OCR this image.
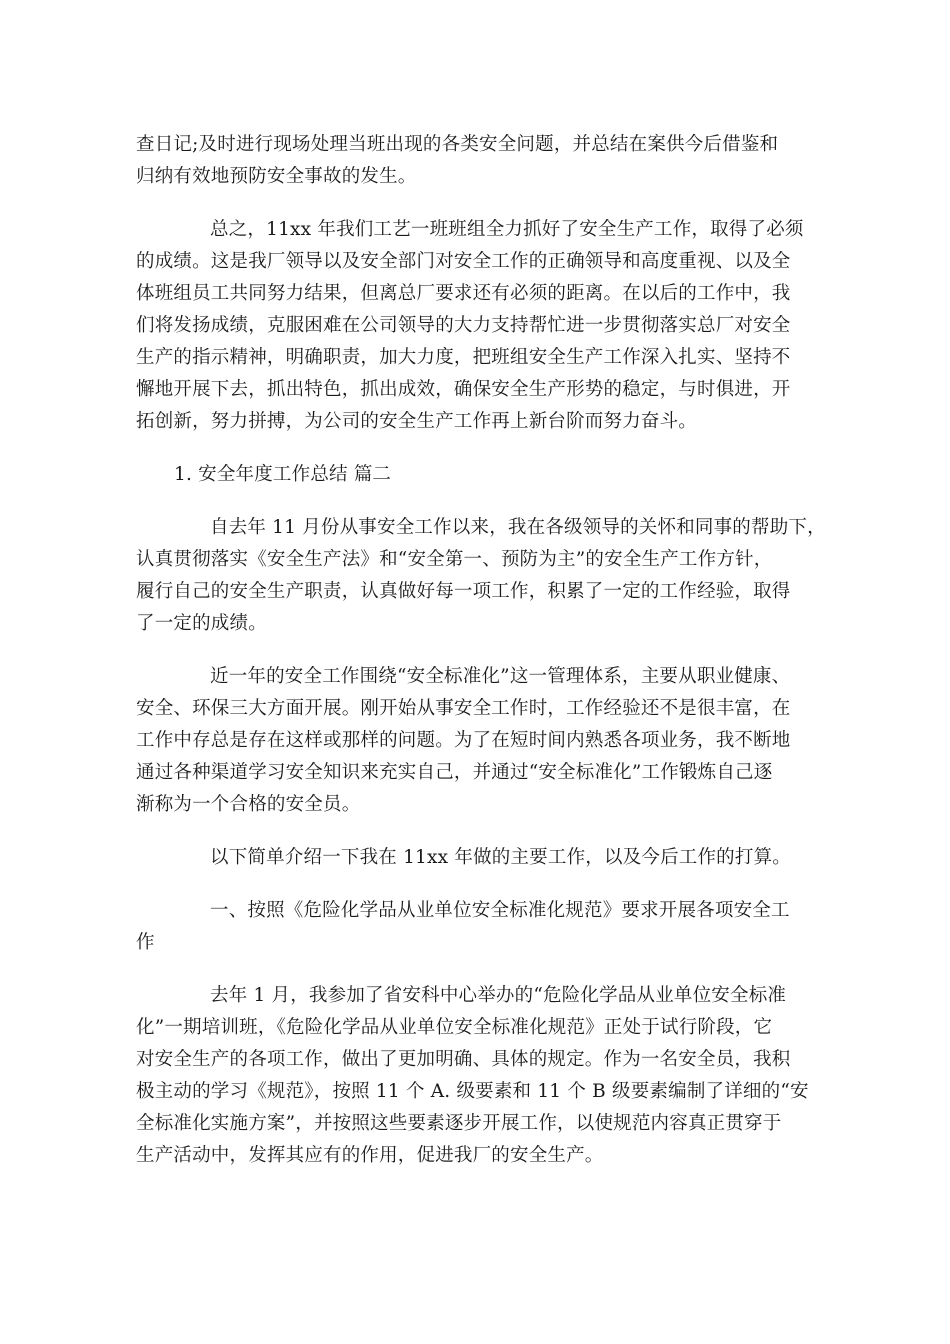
查日记;及时进行现场处理当班出现的各类安全问题，并总结在案供今后借鉴和
归纳有效地预防安全事故的发生。
总之，11xx 年我们工艺一班班组全力抓好了安全生产工作，取得了必须
的成绩。这是我厂领导以及安全部门对安全工作的正确领导和高度重视、以及全
体班组员工共同努力结果，但离总厂要求还有必须的距离。在以后的工作中，我
们将发扬成绩，克服困难在公司领导的大力支持帮忙进一步贯彻落实总厂对安全
生产的指示精神，明确职责，加大力度，把班组安全生产工作深入扎实、坚持不
懈地开展下去，抓出特色，抓出成效，确保安全生产形势的稳定，与时俱进，开
拓创新，努力拼搏，为公司的安全生产工作再上新台阶而努力奋斗。
1. 安全年度工作总结 篇二
自去年 11 月份从事安全工作以来，我在各级领导的关怀和同事的帮助下，
认真贯彻落实《安全生产法》和“安全第一、预防为主”的安全生产工作方针，
履行自己的安全生产职责，认真做好每一项工作，积累了一定的工作经验，取得
了一定的成绩。
近一年的安全工作围绕“安全标准化”这一管理体系，主要从职业健康、
安全、环保三大方面开展。刚开始从事安全工作时，工作经验还不是很丰富，在
工作中存总是存在这样或那样的问题。为了在短时间内熟悉各项业务，我不断地
通过各种渠道学习安全知识来充实自己，并通过“安全标准化”工作锻炼自己逐
渐称为一个合格的安全员。
以下简单介绍一下我在 11xx 年做的主要工作，以及今后工作的打算。
一、按照《危险化学品从业单位安全标准化规范》要求开展各项安全工
作
去年 1 月，我参加了省安科中心举办的“危险化学品从业单位安全标准
化”一期培训班，《危险化学品从业单位安全标准化规范》正处于试行阶段，它
对安全生产的各项工作，做出了更加明确、具体的规定。作为一名安全员，我积
极主动的学习《规范》，按照 11 个 A. 级要素和 11 个 B 级要素编制了详细的“安
全标准化实施方案”，并按照这些要素逐步开展工作，以使规范内容真正贯穿于
生产活动中，发挥其应有的作用，促进我厂的安全生产。
